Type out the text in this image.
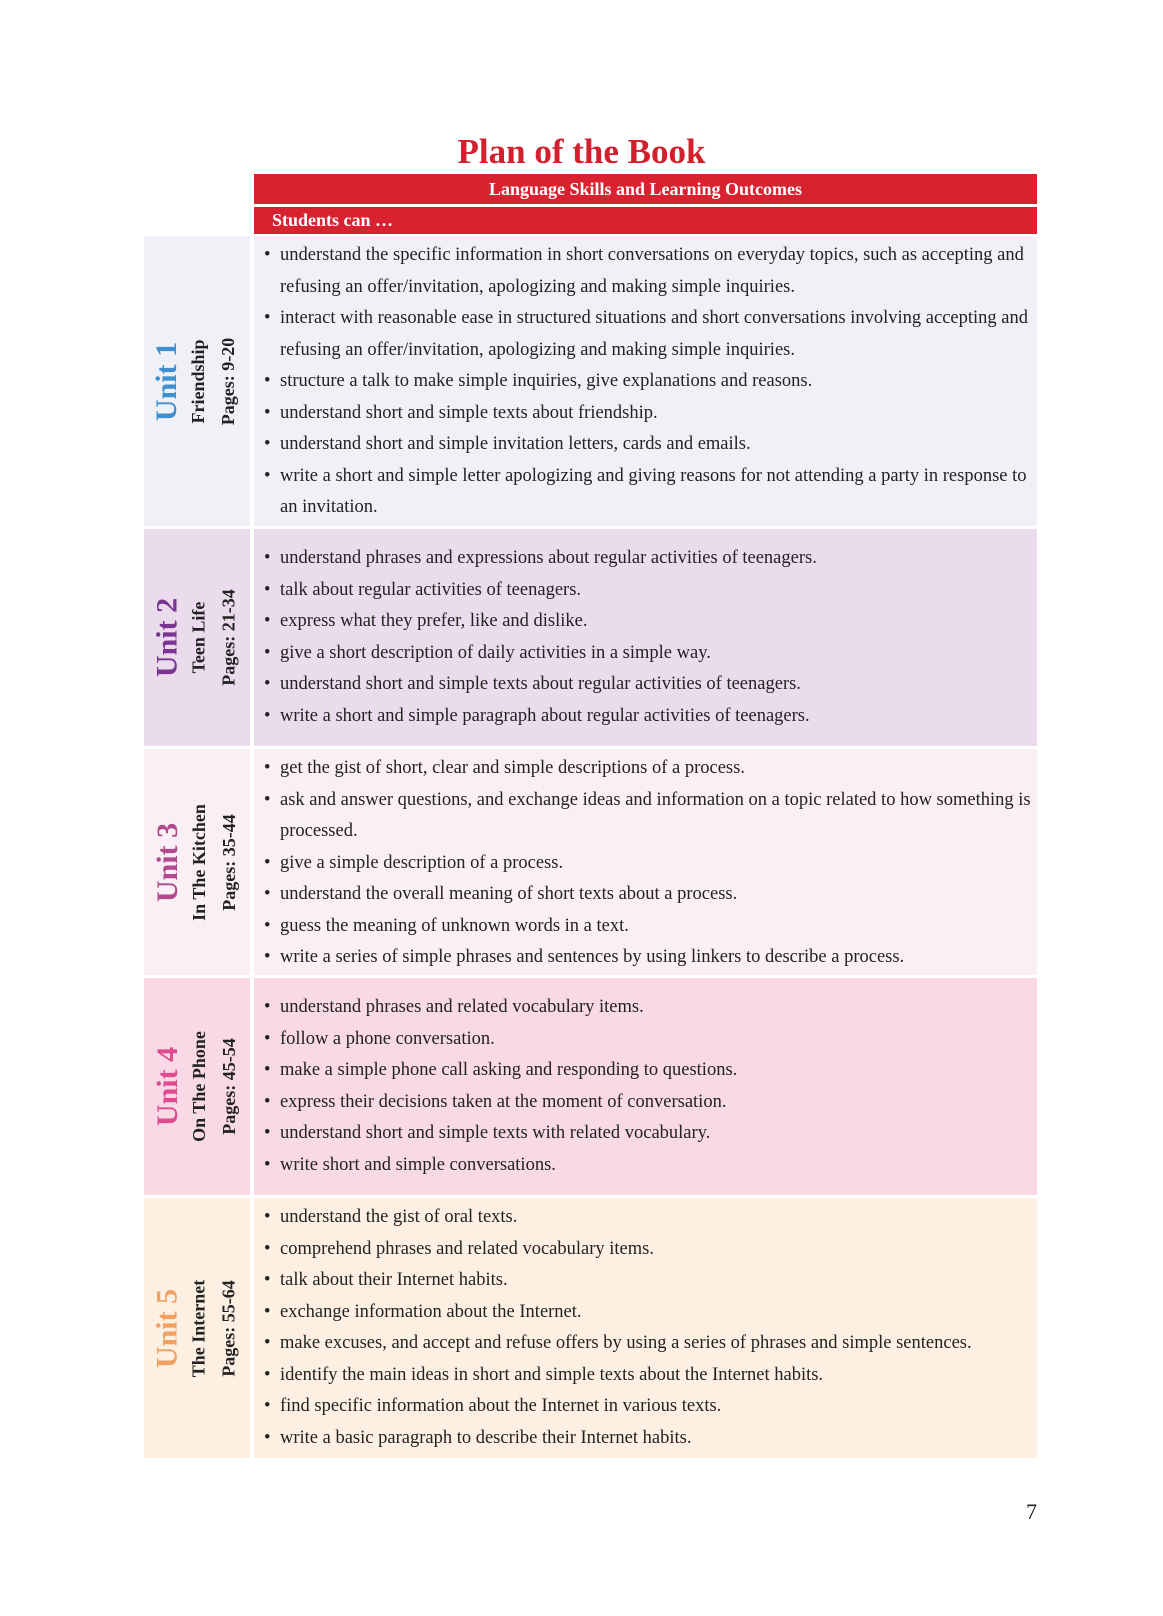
Plan of the Book
Language Skills and Learning Outcomes
Students can …
Unit 1 Friendship Pages: 9-20
• understand the specific information in short conversations on everyday topics, such as accepting and refusing an offer/invitation, apologizing and making simple inquiries.
• interact with reasonable ease in structured situations and short conversations involving accepting and refusing an offer/invitation, apologizing and making simple inquiries.
• structure a talk to make simple inquiries, give explanations and reasons.
• understand short and simple texts about friendship.
• understand short and simple invitation letters, cards and emails.
• write a short and simple letter apologizing and giving reasons for not attending a party in response to an invitation.
Unit 2 Teen Life Pages: 21-34
• understand phrases and expressions about regular activities of teenagers.
• talk about regular activities of teenagers.
• express what they prefer, like and dislike.
• give a short description of daily activities in a simple way.
• understand short and simple texts about regular activities of teenagers.
• write a short and simple paragraph about regular activities of teenagers.
Unit 3 In The Kitchen Pages: 35-44
• get the gist of short, clear and simple descriptions of a process.
• ask and answer questions, and exchange ideas and information on a topic related to how something is processed.
• give a simple description of a process.
• understand the overall meaning of short texts about a process.
• guess the meaning of unknown words in a text.
• write a series of simple phrases and sentences by using linkers to describe a process.
Unit 4 On The Phone Pages: 45-54
• understand phrases and related vocabulary items.
• follow a phone conversation.
• make a simple phone call asking and responding to questions.
• express their decisions taken at the moment of conversation.
• understand short and simple texts with related vocabulary.
• write short and simple conversations.
Unit 5 The Internet Pages: 55-64
• understand the gist of oral texts.
• comprehend phrases and related vocabulary items.
• talk about their Internet habits.
• exchange information about the Internet.
• make excuses, and accept and refuse offers by using a series of phrases and simple sentences.
• identify the main ideas in short and simple texts about the Internet habits.
• find specific information about the Internet in various texts.
• write a basic paragraph to describe their Internet habits.
7
